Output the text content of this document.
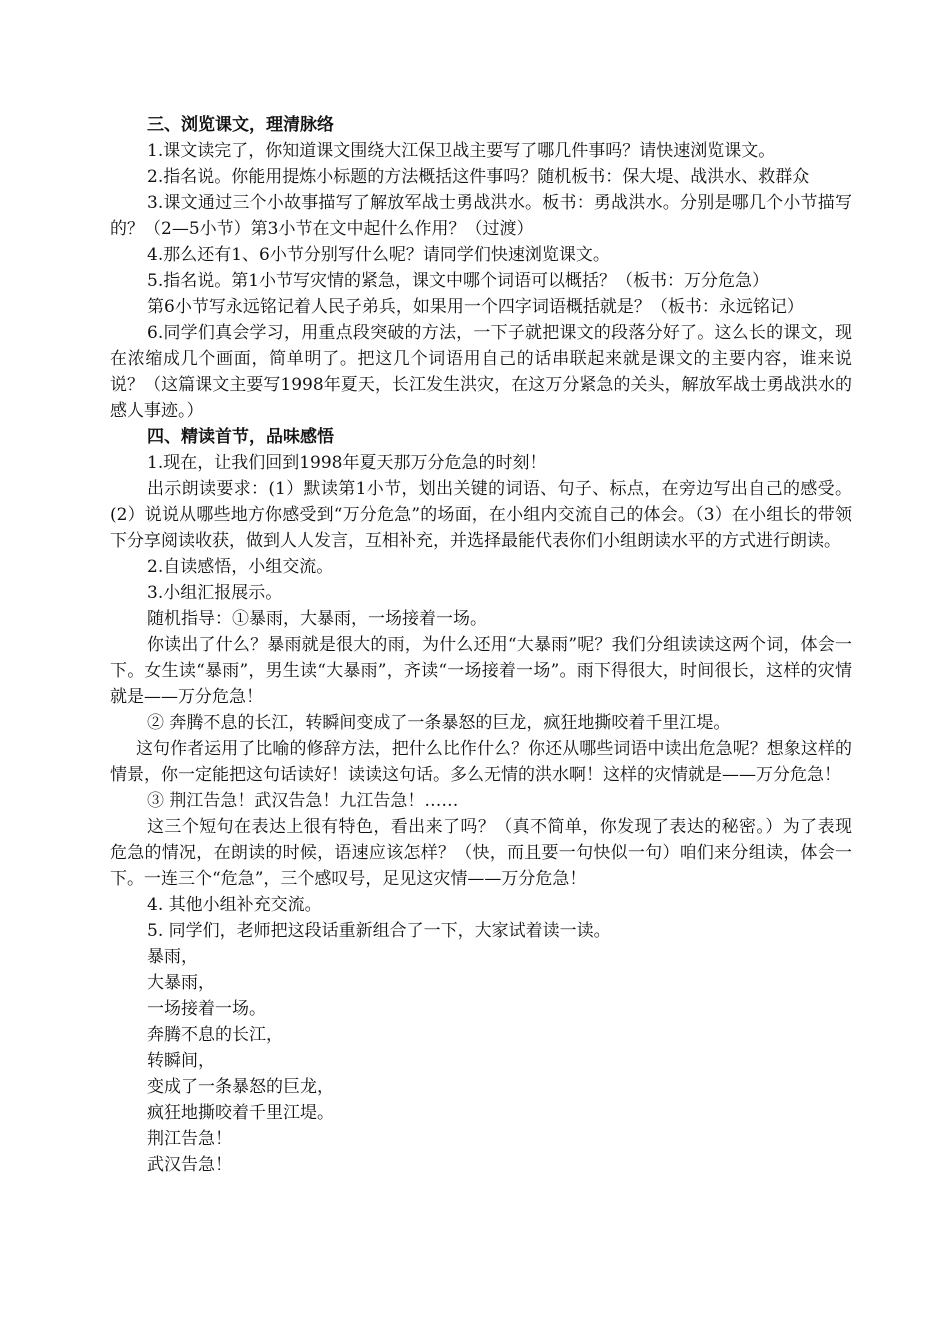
三、浏览课文，理清脉络

1.课文读完了，你知道课文围绕大江保卫战主要写了哪几件事吗？请快速浏览课文。

2.指名说。你能用提炼小标题的方法概括这件事吗？随机板书：保大堤、战洪水、救群众

3.课文通过三个小故事描写了解放军战士勇战洪水。板书：勇战洪水。分别是哪几个小节描写的？（2—5小节）第3小节在文中起什么作用？（过渡）

4.那么还有1、6小节分别写什么呢？请同学们快速浏览课文。

5.指名说。第1小节写灾情的紧急，课文中哪个词语可以概括？（板书：万分危急）

第6小节写永远铭记着人民子弟兵，如果用一个四字词语概括就是？（板书：永远铭记）

6.同学们真会学习，用重点段突破的方法，一下子就把课文的段落分好了。这么长的课文，现在浓缩成几个画面，简单明了。把这几个词语用自己的话串联起来就是课文的主要内容，谁来说说？（这篇课文主要写1998年夏天，长江发生洪灾，在这万分紧急的关头，解放军战士勇战洪水的感人事迹。）

四、精读首节，品味感悟

1.现在，让我们回到1998年夏天那万分危急的时刻！

出示朗读要求：(1）默读第1小节，划出关键的词语、句子、标点，在旁边写出自己的感受。(2）说说从哪些地方你感受到“万分危急”的场面，在小组内交流自己的体会。（3）在小组长的带领下分享阅读收获，做到人人发言，互相补充，并选择最能代表你们小组朗读水平的方式进行朗读。

2.自读感悟，小组交流。

3.小组汇报展示。

随机指导：①暴雨，大暴雨，一场接着一场。

你读出了什么？暴雨就是很大的雨，为什么还用“大暴雨”呢？我们分组读读这两个词，体会一下。女生读“暴雨”，男生读“大暴雨”，齐读“一场接着一场”。雨下得很大，时间很长，这样的灾情就是——万分危急！

② 奔腾不息的长江，转瞬间变成了一条暴怒的巨龙，疯狂地撕咬着千里江堤。

这句作者运用了比喻的修辞方法，把什么比作什么？你还从哪些词语中读出危急呢？想象这样的情景，你一定能把这句话读好！读读这句话。多么无情的洪水啊！这样的灾情就是——万分危急！

③ 荆江告急！武汉告急！九江告急！……

这三个短句在表达上很有特色，看出来了吗？（真不简单，你发现了表达的秘密。）为了表现危急的情况，在朗读的时候，语速应该怎样？（快，而且要一句快似一句）咱们来分组读，体会一下。一连三个“危急”，三个感叹号，足见这灾情——万分危急！

4. 其他小组补充交流。

5. 同学们，老师把这段话重新组合了一下，大家试着读一读。

暴雨，

大暴雨，

一场接着一场。

奔腾不息的长江，

转瞬间，

变成了一条暴怒的巨龙，

疯狂地撕咬着千里江堤。

荆江告急！

武汉告急！
